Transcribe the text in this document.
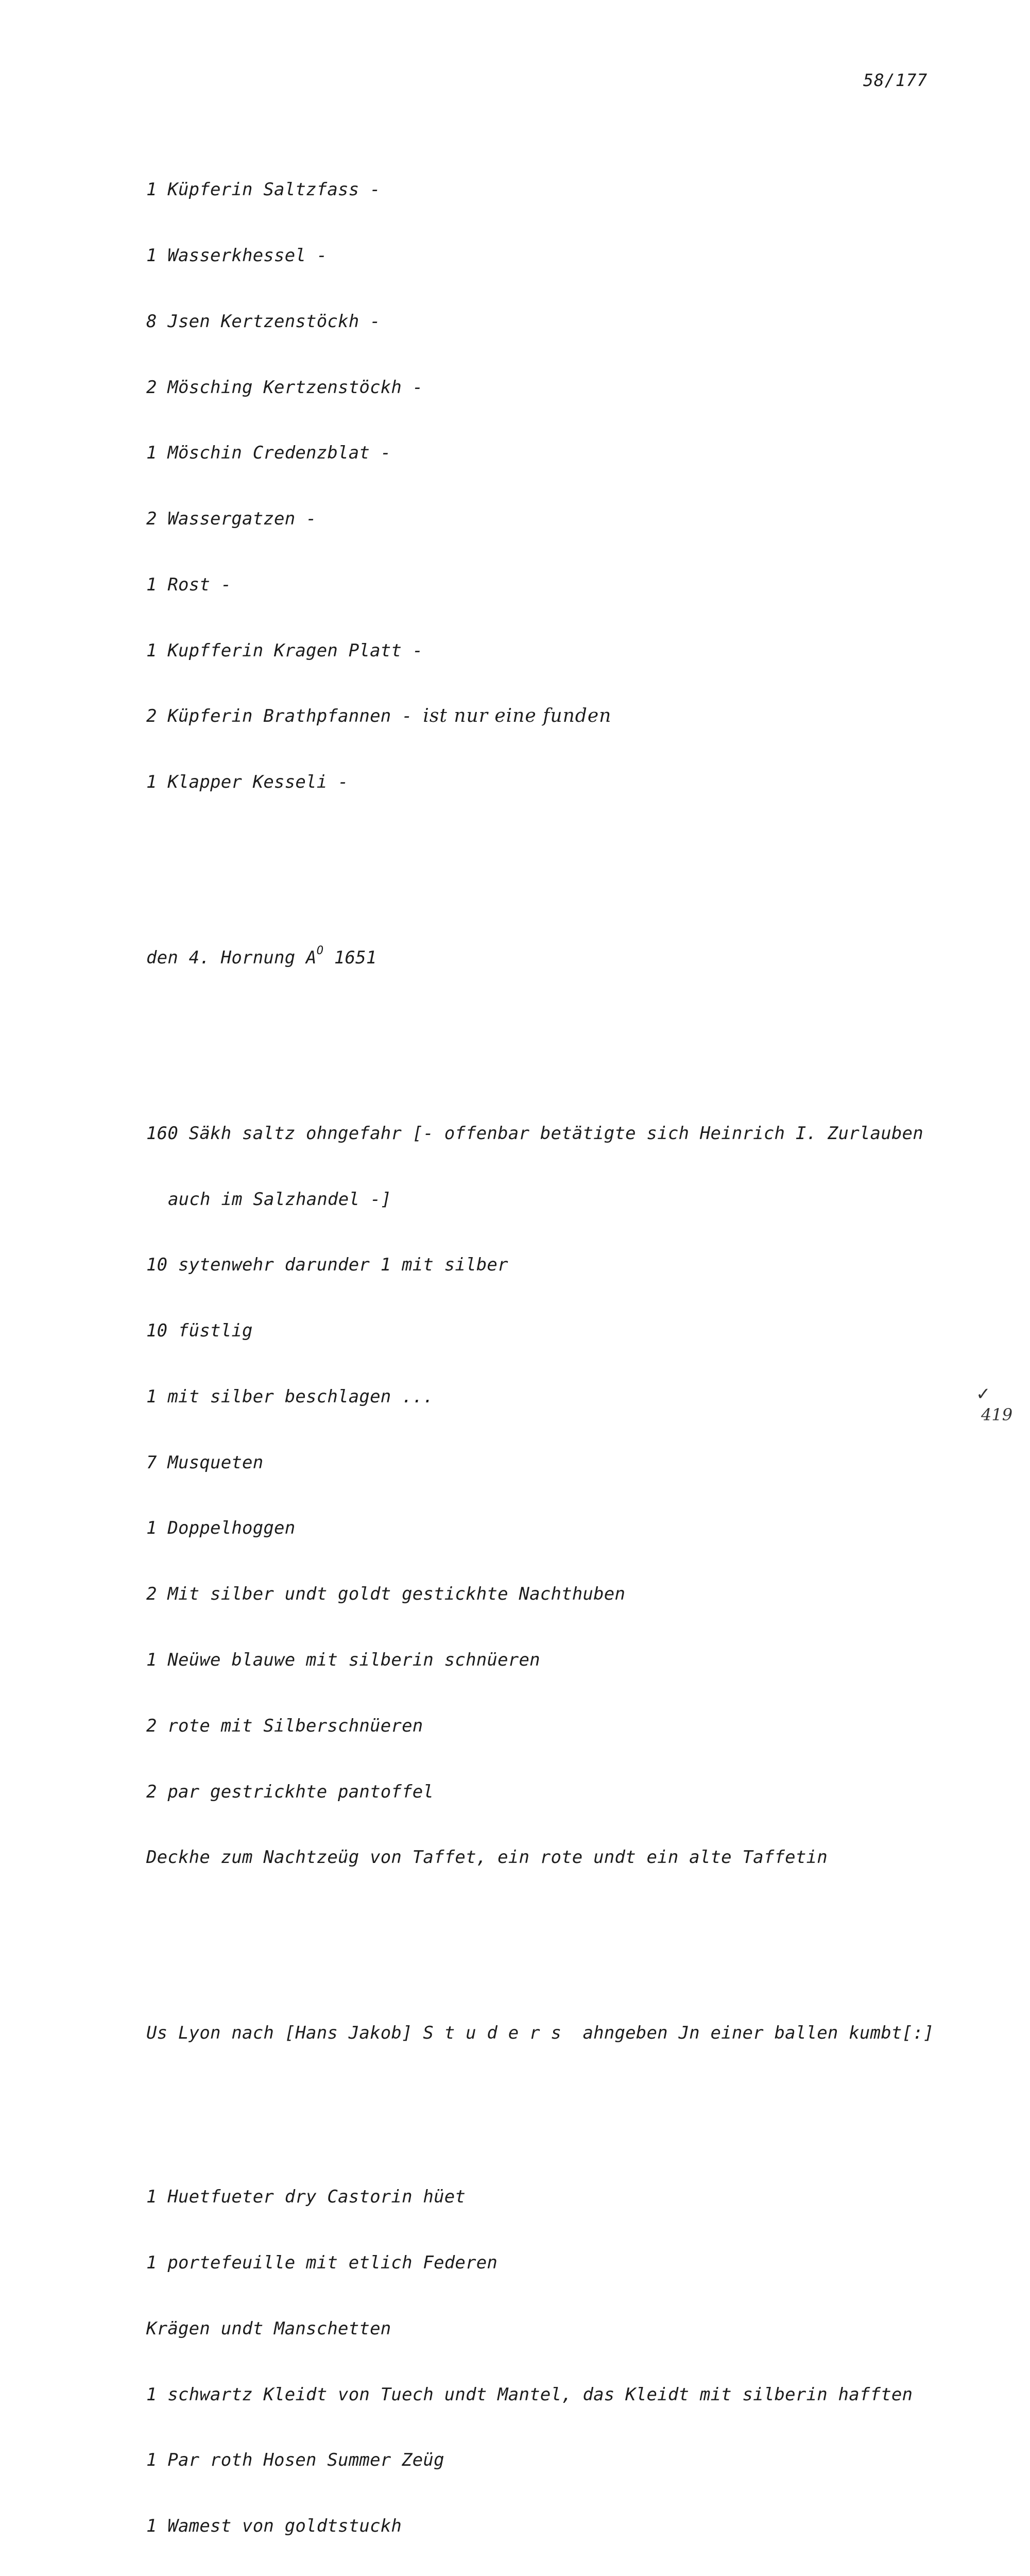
58/177

1 Küpferin Saltzfass -

1 Wasserkhessel -

8 Jsen Kertzenstöckh -

2 Mösching Kertzenstöckh -

1 Möschin Credenzblat -

2 Wassergatzen -

1 Rost -

1 Kupfferin Kragen Platt -

2 Küpferin Brathpfannen - ist nur eine funden

1 Klapper Kesseli -

den 4. Hornung $A^O$ 1651

160 Säkh saltz ohngefahr [- offenbar betätigte sich Heinrich I. Zurlauben

auch im Salzhandel -]

10 sytenwehr darunder 1 mit silber

10 füstlig

1 mit silber beschlagen ...

7 Musqueten

1 Doppelhoggen

2 Mit silber undt goldt gestickhte Nachthuben

1 Neüwe blauwe mit silberin schnüeren

2 rote mit Silberschnüeren

2 par gestrickhte pantoffel

Deckhe zum Nachtzeüg von Taffet, ein rote undt ein alte Taffetin

Us Lyon nach [Hans Jakob] S t u d e r s  ahngeben Jn einer ballen kumbt[:]

1 Huetfueter dry Castorin hüet

1 portefeuille mit etlich Federen

Krägen undt Manschetten

1 schwartz Kleidt von Tuech undt Mantel, das Kleidt mit silberin hafften

1 Par roth Hosen Summer Zeüg

1 Wamest von goldtstuckh

✓
419
